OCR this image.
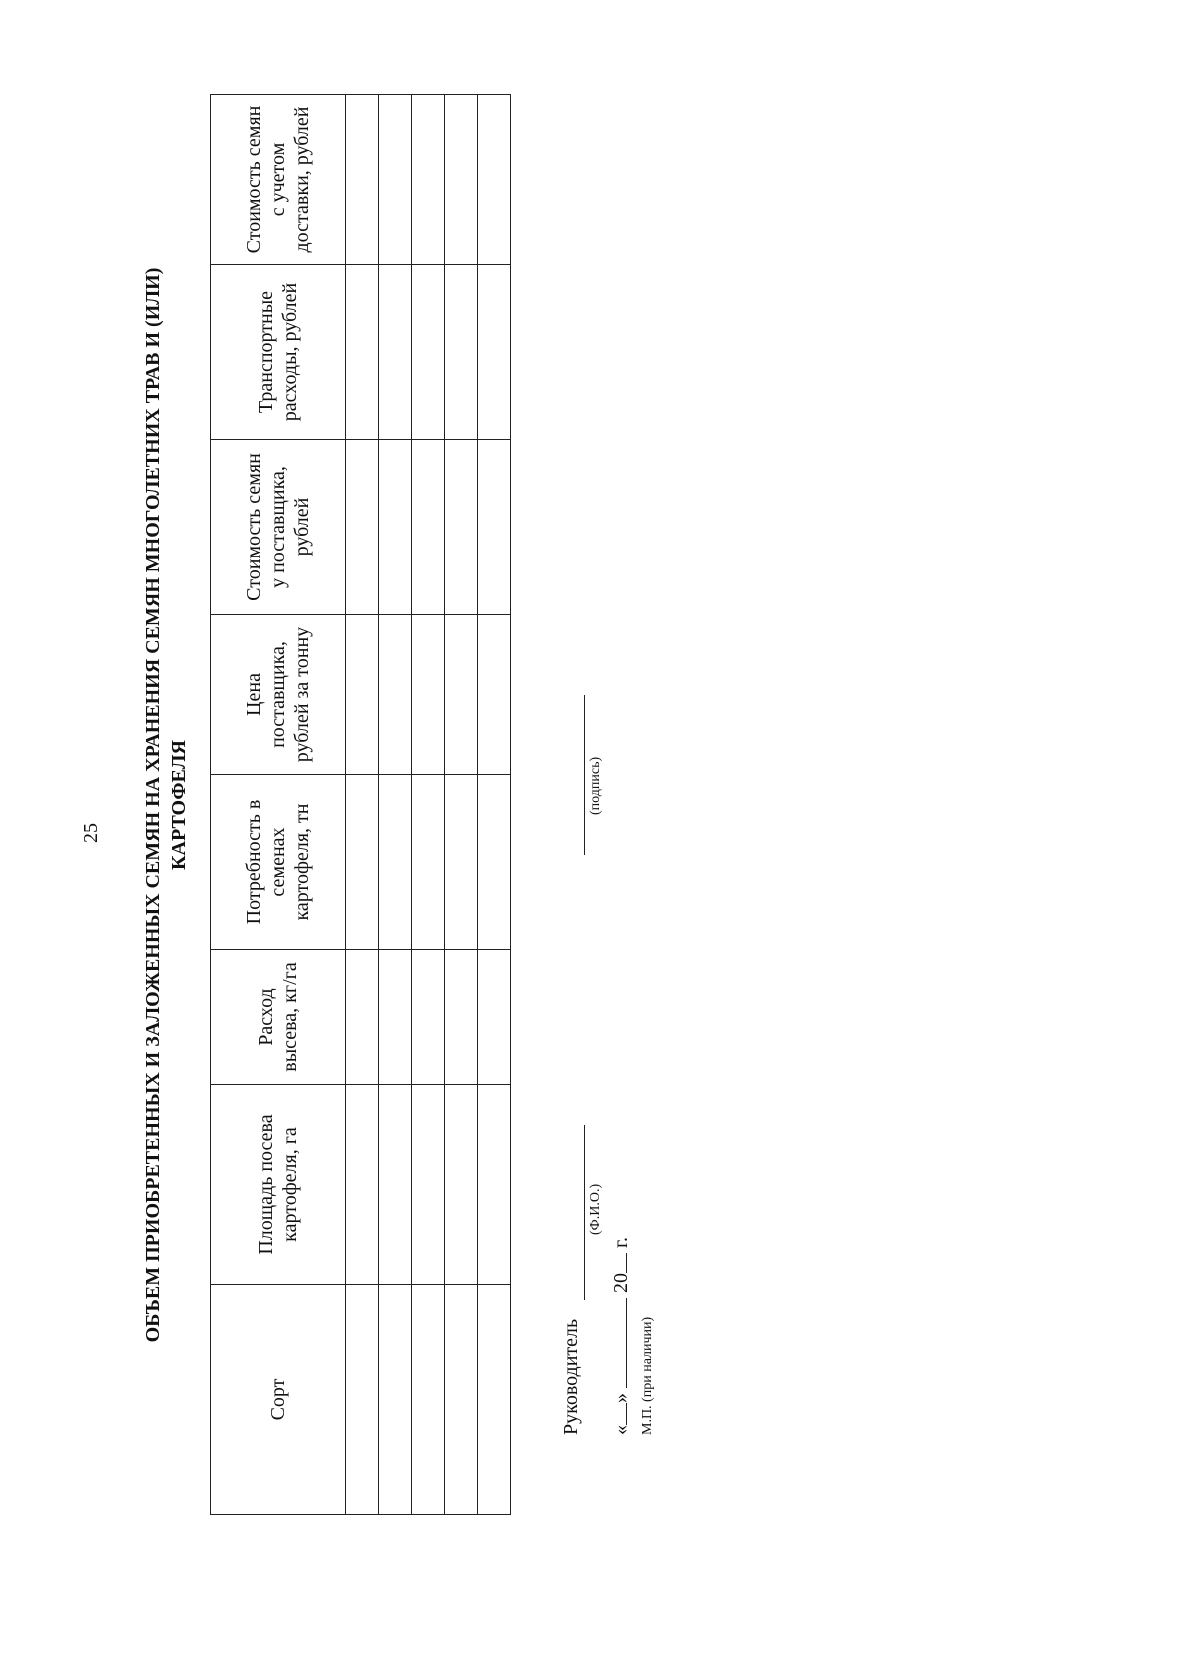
25 ОБЪЕМ ПРИОБРЕТЕННЫХ И ЗАЛОЖЕННЫХ СЕМЯН НА ХРАНЕНИЯ СЕМЯН МНОГОЛЕТНИХ ТРАВ И (ИЛИ) КАРТОФЕЛЯ
Сорт	Площадь посева картофеля, га	Расход высева, кг/га	Потребность в семенах картофеля, тн	Цена поставщика, рублей за тонну	Стоимость семян у поставщика, рублей	Транспортные расходы, рублей	Стоимость семян с учетом доставки, рублей

Руководитель
(Ф.И.О.)
(подпись)
«»  20 г.
М.П. (при наличии)
